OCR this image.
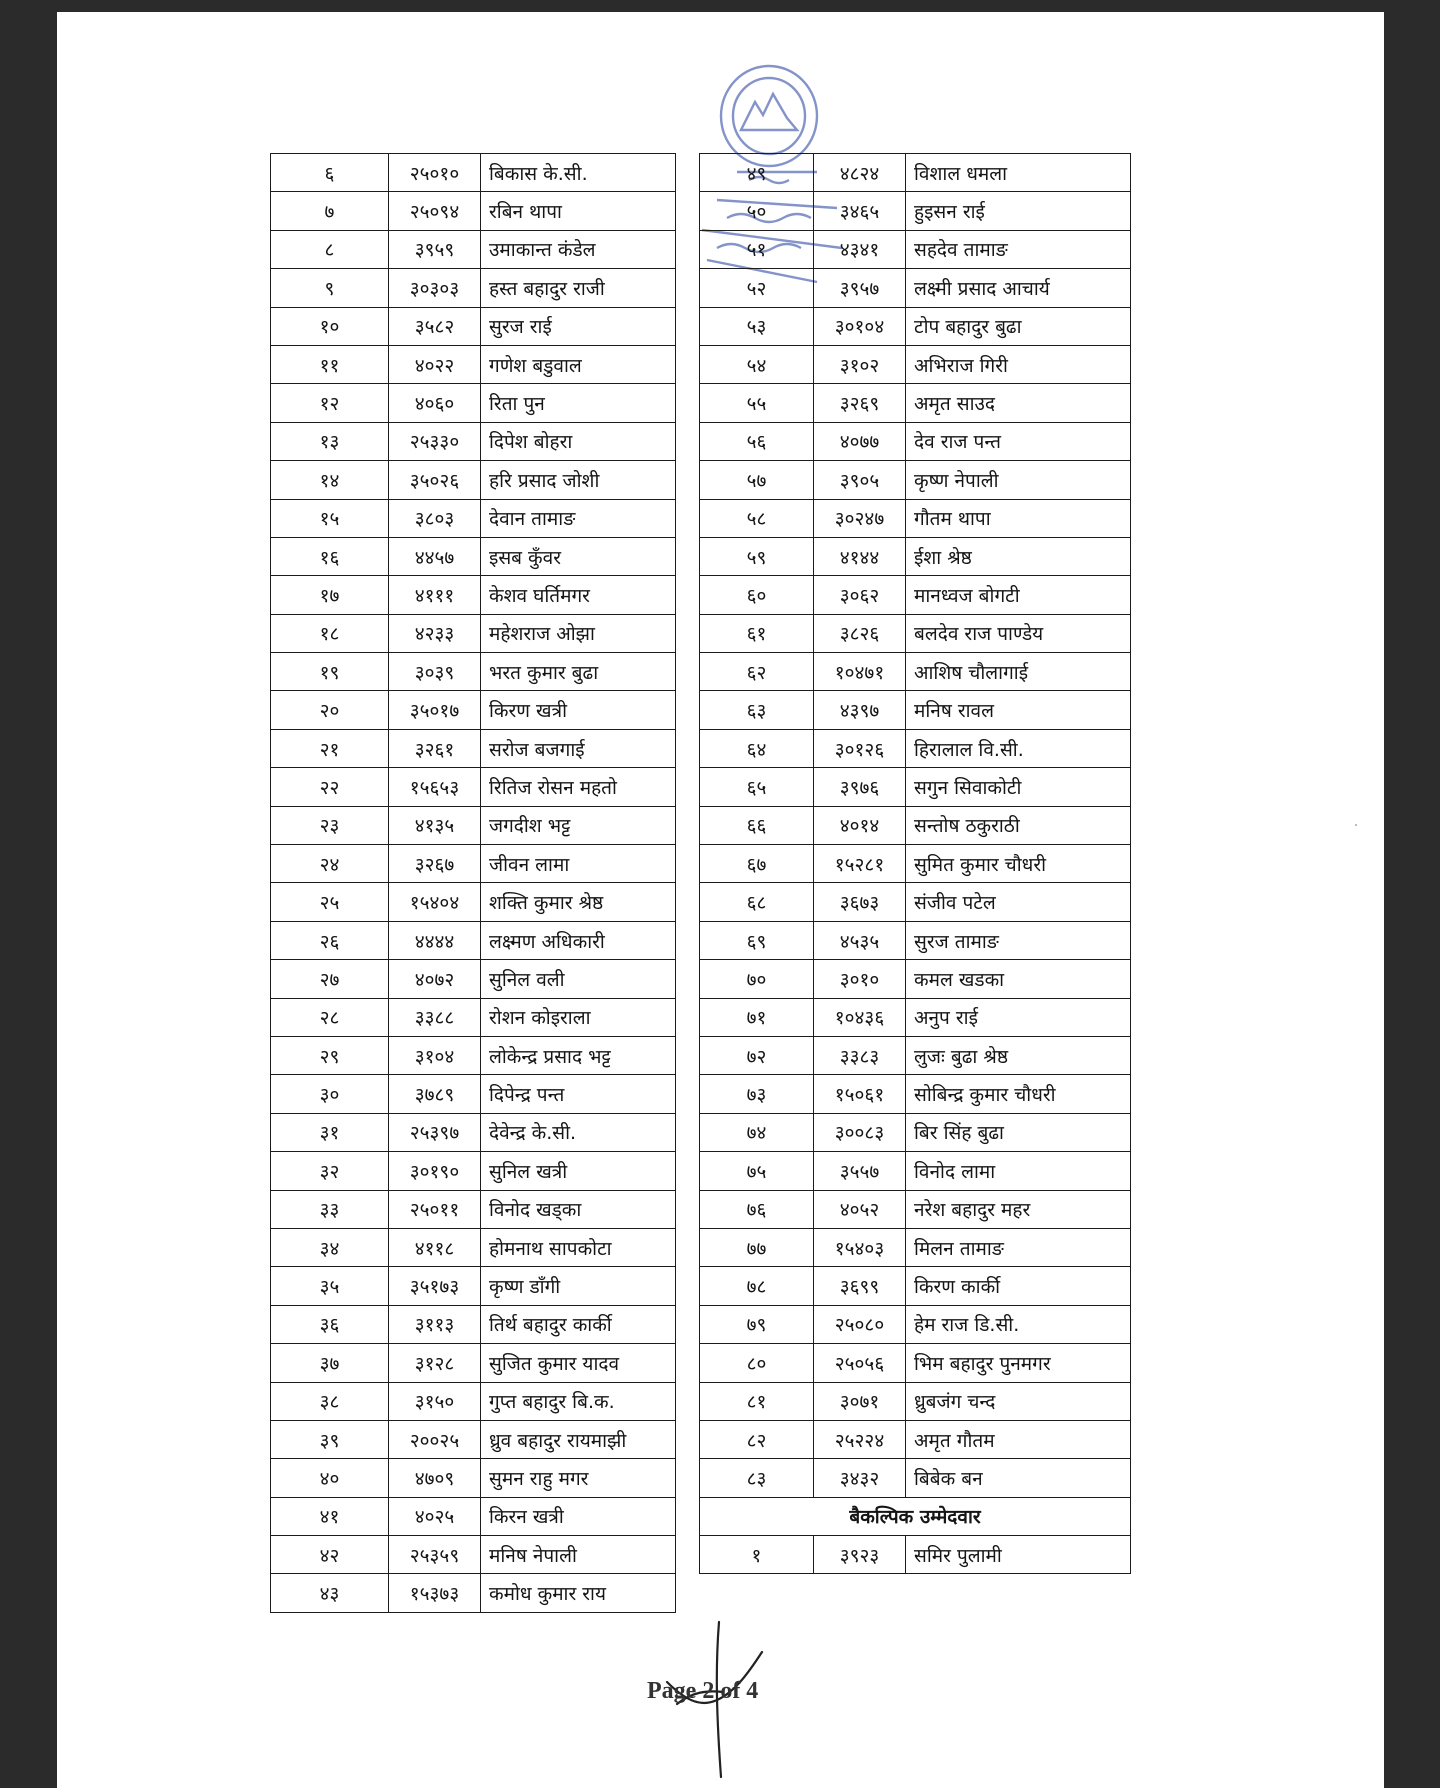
६	२५०१०	बिकास के.सी.
७	२५०९४	रबिन थापा
८	३९५९	उमाकान्त कंडेल
९	३०३०३	हस्त बहादुर राजी
१०	३५८२	सुरज राई
११	४०२२	गणेश बडुवाल
१२	४०६०	रिता पुन
१३	२५३३०	दिपेश बोहरा
१४	३५०२६	हरि प्रसाद जोशी
१५	३८०३	देवान तामाङ
१६	४४५७	इसब कुँवर
१७	४१११	केशव घर्तिमगर
१८	४२३३	महेशराज ओझा
१९	३०३९	भरत कुमार बुढा
२०	३५०१७	किरण खत्री
२१	३२६१	सरोज बजगाई
२२	१५६५३	रितिज रोसन महतो
२३	४१३५	जगदीश भट्ट
२४	३२६७	जीवन लामा
२५	१५४०४	शक्ति कुमार श्रेष्ठ
२६	४४४४	लक्ष्मण अधिकारी
२७	४०७२	सुनिल वली
२८	३३८८	रोशन कोइराला
२९	३१०४	लोकेन्द्र प्रसाद भट्ट
३०	३७८९	दिपेन्द्र पन्त
३१	२५३९७	देवेन्द्र के.सी.
३२	३०१९०	सुनिल खत्री
३३	२५०११	विनोद खड्का
३४	४११८	होमनाथ सापकोटा
३५	३५१७३	कृष्ण डाँगी
३६	३११३	तिर्थ बहादुर कार्की
३७	३१२८	सुजित कुमार यादव
३८	३१५०	गुप्त बहादुर बि.क.
३९	२००२५	ध्रुव बहादुर रायमाझी
४०	४७०९	सुमन राहु मगर
४१	४०२५	किरन खत्री
४२	२५३५९	मनिष नेपाली
४३	१५३७३	कमोध कुमार राय
४९	४८२४	विशाल धमला
५०	३४६५	हुइसन राई
५१	४३४१	सहदेव तामाङ
५२	३९५७	लक्ष्मी प्रसाद आचार्य
५३	३०१०४	टोप बहादुर बुढा
५४	३१०२	अभिराज गिरी
५५	३२६९	अमृत साउद
५६	४०७७	देव राज पन्त
५७	३९०५	कृष्ण नेपाली
५८	३०२४७	गौतम थापा
५९	४१४४	ईशा श्रेष्ठ
६०	३०६२	मानध्वज बोगटी
६१	३८२६	बलदेव राज पाण्डेय
६२	१०४७१	आशिष चौलागाई
६३	४३९७	मनिष रावल
६४	३०१२६	हिरालाल वि.सी.
६५	३९७६	सगुन सिवाकोटी
६६	४०१४	सन्तोष ठकुराठी
६७	१५२८१	सुमित कुमार चौधरी
६८	३६७३	संजीव पटेल
६९	४५३५	सुरज तामाङ
७०	३०१०	कमल खडका
७१	१०४३६	अनुप राई
७२	३३८३	लुजः बुढा श्रेष्ठ
७३	१५०६१	सोबिन्द्र कुमार चौधरी
७४	३००८३	बिर सिंह बुढा
७५	३५५७	विनोद लामा
७६	४०५२	नरेश बहादुर महर
७७	१५४०३	मिलन तामाङ
७८	३६९९	किरण कार्की
७९	२५०८०	हेम राज डि.सी.
८०	२५०५६	भिम बहादुर पुनमगर
८१	३०७१	ध्रुबजंग चन्द
८२	२५२२४	अमृत गौतम
८३	३४३२	बिबेक बन
बैकल्पिक उम्मेदवार		
१	३९२३	समिर पुलामी
Page 2 of 4
